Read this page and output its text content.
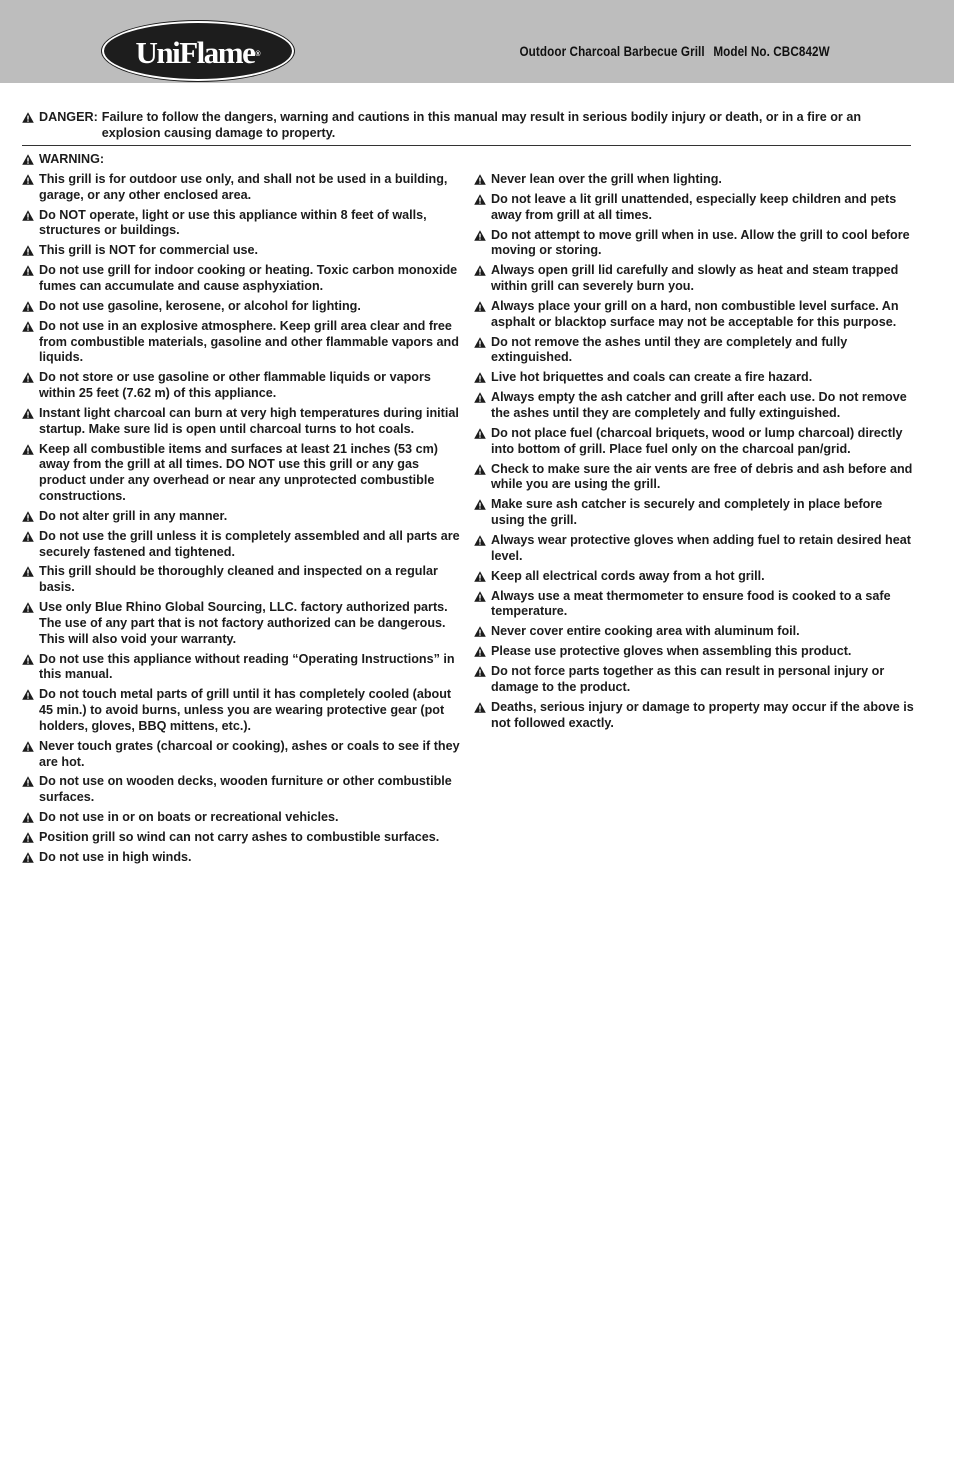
UniFlame®	Outdoor Charcoal Barbecue Grill Model No. CBC842W
DANGER: Failure to follow the dangers, warning and cautions in this manual may result in serious bodily injury or death, or in a fire or an explosion causing damage to property.
WARNING:
This grill is for outdoor use only, and shall not be used in a building, garage, or any other enclosed area.
Do NOT operate, light or use this appliance within 8 feet of walls, structures or buildings.
This grill is NOT for commercial use.
Do not use grill for indoor cooking or heating. Toxic carbon monoxide fumes can accumulate and cause asphyxiation.
Do not use gasoline, kerosene, or alcohol for lighting.
Do not use in an explosive atmosphere. Keep grill area clear and free from combustible materials, gasoline and other flammable vapors and liquids.
Do not store or use gasoline or other flammable liquids or vapors within 25 feet (7.62 m) of this appliance.
Instant light charcoal can burn at very high temperatures during initial startup. Make sure lid is open until charcoal turns to hot coals.
Keep all combustible items and surfaces at least 21 inches (53 cm) away from the grill at all times. DO NOT use this grill or any gas product under any overhead or near any unprotected combustible constructions.
Do not alter grill in any manner.
Do not use the grill unless it is completely assembled and all parts are securely fastened and tightened.
This grill should be thoroughly cleaned and inspected on a regular basis.
Use only Blue Rhino Global Sourcing, LLC. factory authorized parts. The use of any part that is not factory authorized can be dangerous. This will also void your warranty.
Do not use this appliance without reading “Operating Instructions” in this manual.
Do not touch metal parts of grill until it has completely cooled (about 45 min.) to avoid burns, unless you are wearing protective gear (pot holders, gloves, BBQ mittens, etc.).
Never touch grates (charcoal or cooking), ashes or coals to see if they are hot.
Do not use on wooden decks, wooden furniture or other combustible surfaces.
Do not use in or on boats or recreational vehicles.
Position grill so wind can not carry ashes to combustible surfaces.
Do not use in high winds.
Never lean over the grill when lighting.
Do not leave a lit grill unattended, especially keep children and pets away from grill at all times.
Do not attempt to move grill when in use. Allow the grill to cool before moving or storing.
Always open grill lid carefully and slowly as heat and steam trapped within grill can severely burn you.
Always place your grill on a hard, non combustible level surface. An asphalt or blacktop surface may not be acceptable for this purpose.
Do not remove the ashes until they are completely and fully extinguished.
Live hot briquettes and coals can create a fire hazard.
Always empty the ash catcher and grill after each use. Do not remove the ashes until they are completely and fully extinguished.
Do not place fuel (charcoal briquets, wood or lump charcoal) directly into bottom of grill. Place fuel only on the charcoal pan/grid.
Check to make sure the air vents are free of debris and ash before and while you are using the grill.
Make sure ash catcher is securely and completely in place before using the grill.
Always wear protective gloves when adding fuel to retain desired heat level.
Keep all electrical cords away from a hot grill.
Always use a meat thermometer to ensure food is cooked to a safe temperature.
Never cover entire cooking area with aluminum foil.
Please use protective gloves when assembling this product.
Do not force parts together as this can result in personal injury or damage to the product.
Deaths, serious injury or damage to property may occur if the above is not followed exactly.
